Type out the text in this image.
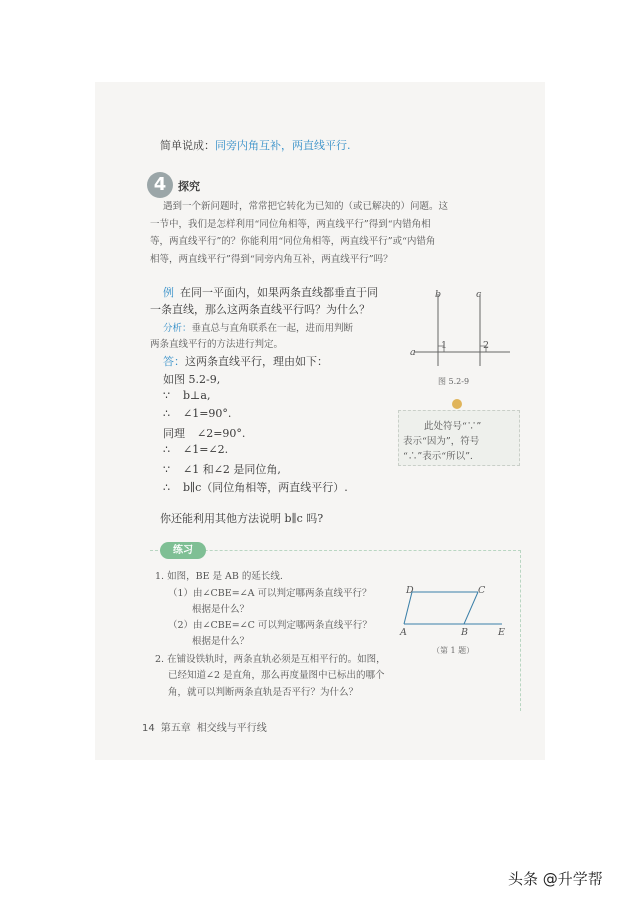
简单说成：同旁内角互补，两直线平行.
4	探究
遇到一个新问题时，常常把它转化为已知的（或已解决的）问题。这
一节中，我们是怎样利用“同位角相等，两直线平行”得到“内错角相
等，两直线平行”的？你能利用“同位角相等，两直线平行”或“内错角
相等，两直线平行”得到“同旁内角互补，两直线平行”吗？
例 在同一平面内，如果两条直线都垂直于同
一条直线，那么这两条直线平行吗？为什么？
分析：垂直总与直角联系在一起，进而用判断
两条直线平行的方法进行判定。
答：这两条直线平行，理由如下：
如图 5.2-9,
∵ b⊥a,
∴ ∠1=90°.
同理 ∠2=90°.
∴ ∠1=∠2.
∵ ∠1 和∠2 是同位角,
∴ b∥c（同位角相等，两直线平行）.
你还能利用其他方法说明 b∥c 吗?
b	c
a
1	2
图 5.2-9
此处符号“∵”
表示“因为”，符号
“∴”表示“所以”.
练习
1. 如图，BE 是 AB 的延长线.
（1）由∠CBE=∠A 可以判定哪两条直线平行？
根据是什么？
（2）由∠CBE=∠C 可以判定哪两条直线平行？
根据是什么？
2. 在铺设铁轨时，两条直轨必须是互相平行的。如图，
已经知道∠2 是直角，那么再度量图中已标出的哪个
角，就可以判断两条直轨是否平行？为什么？
D	C
A	B	E
（第 1 题）
14 第五章 相交线与平行线
头条 @升学帮
